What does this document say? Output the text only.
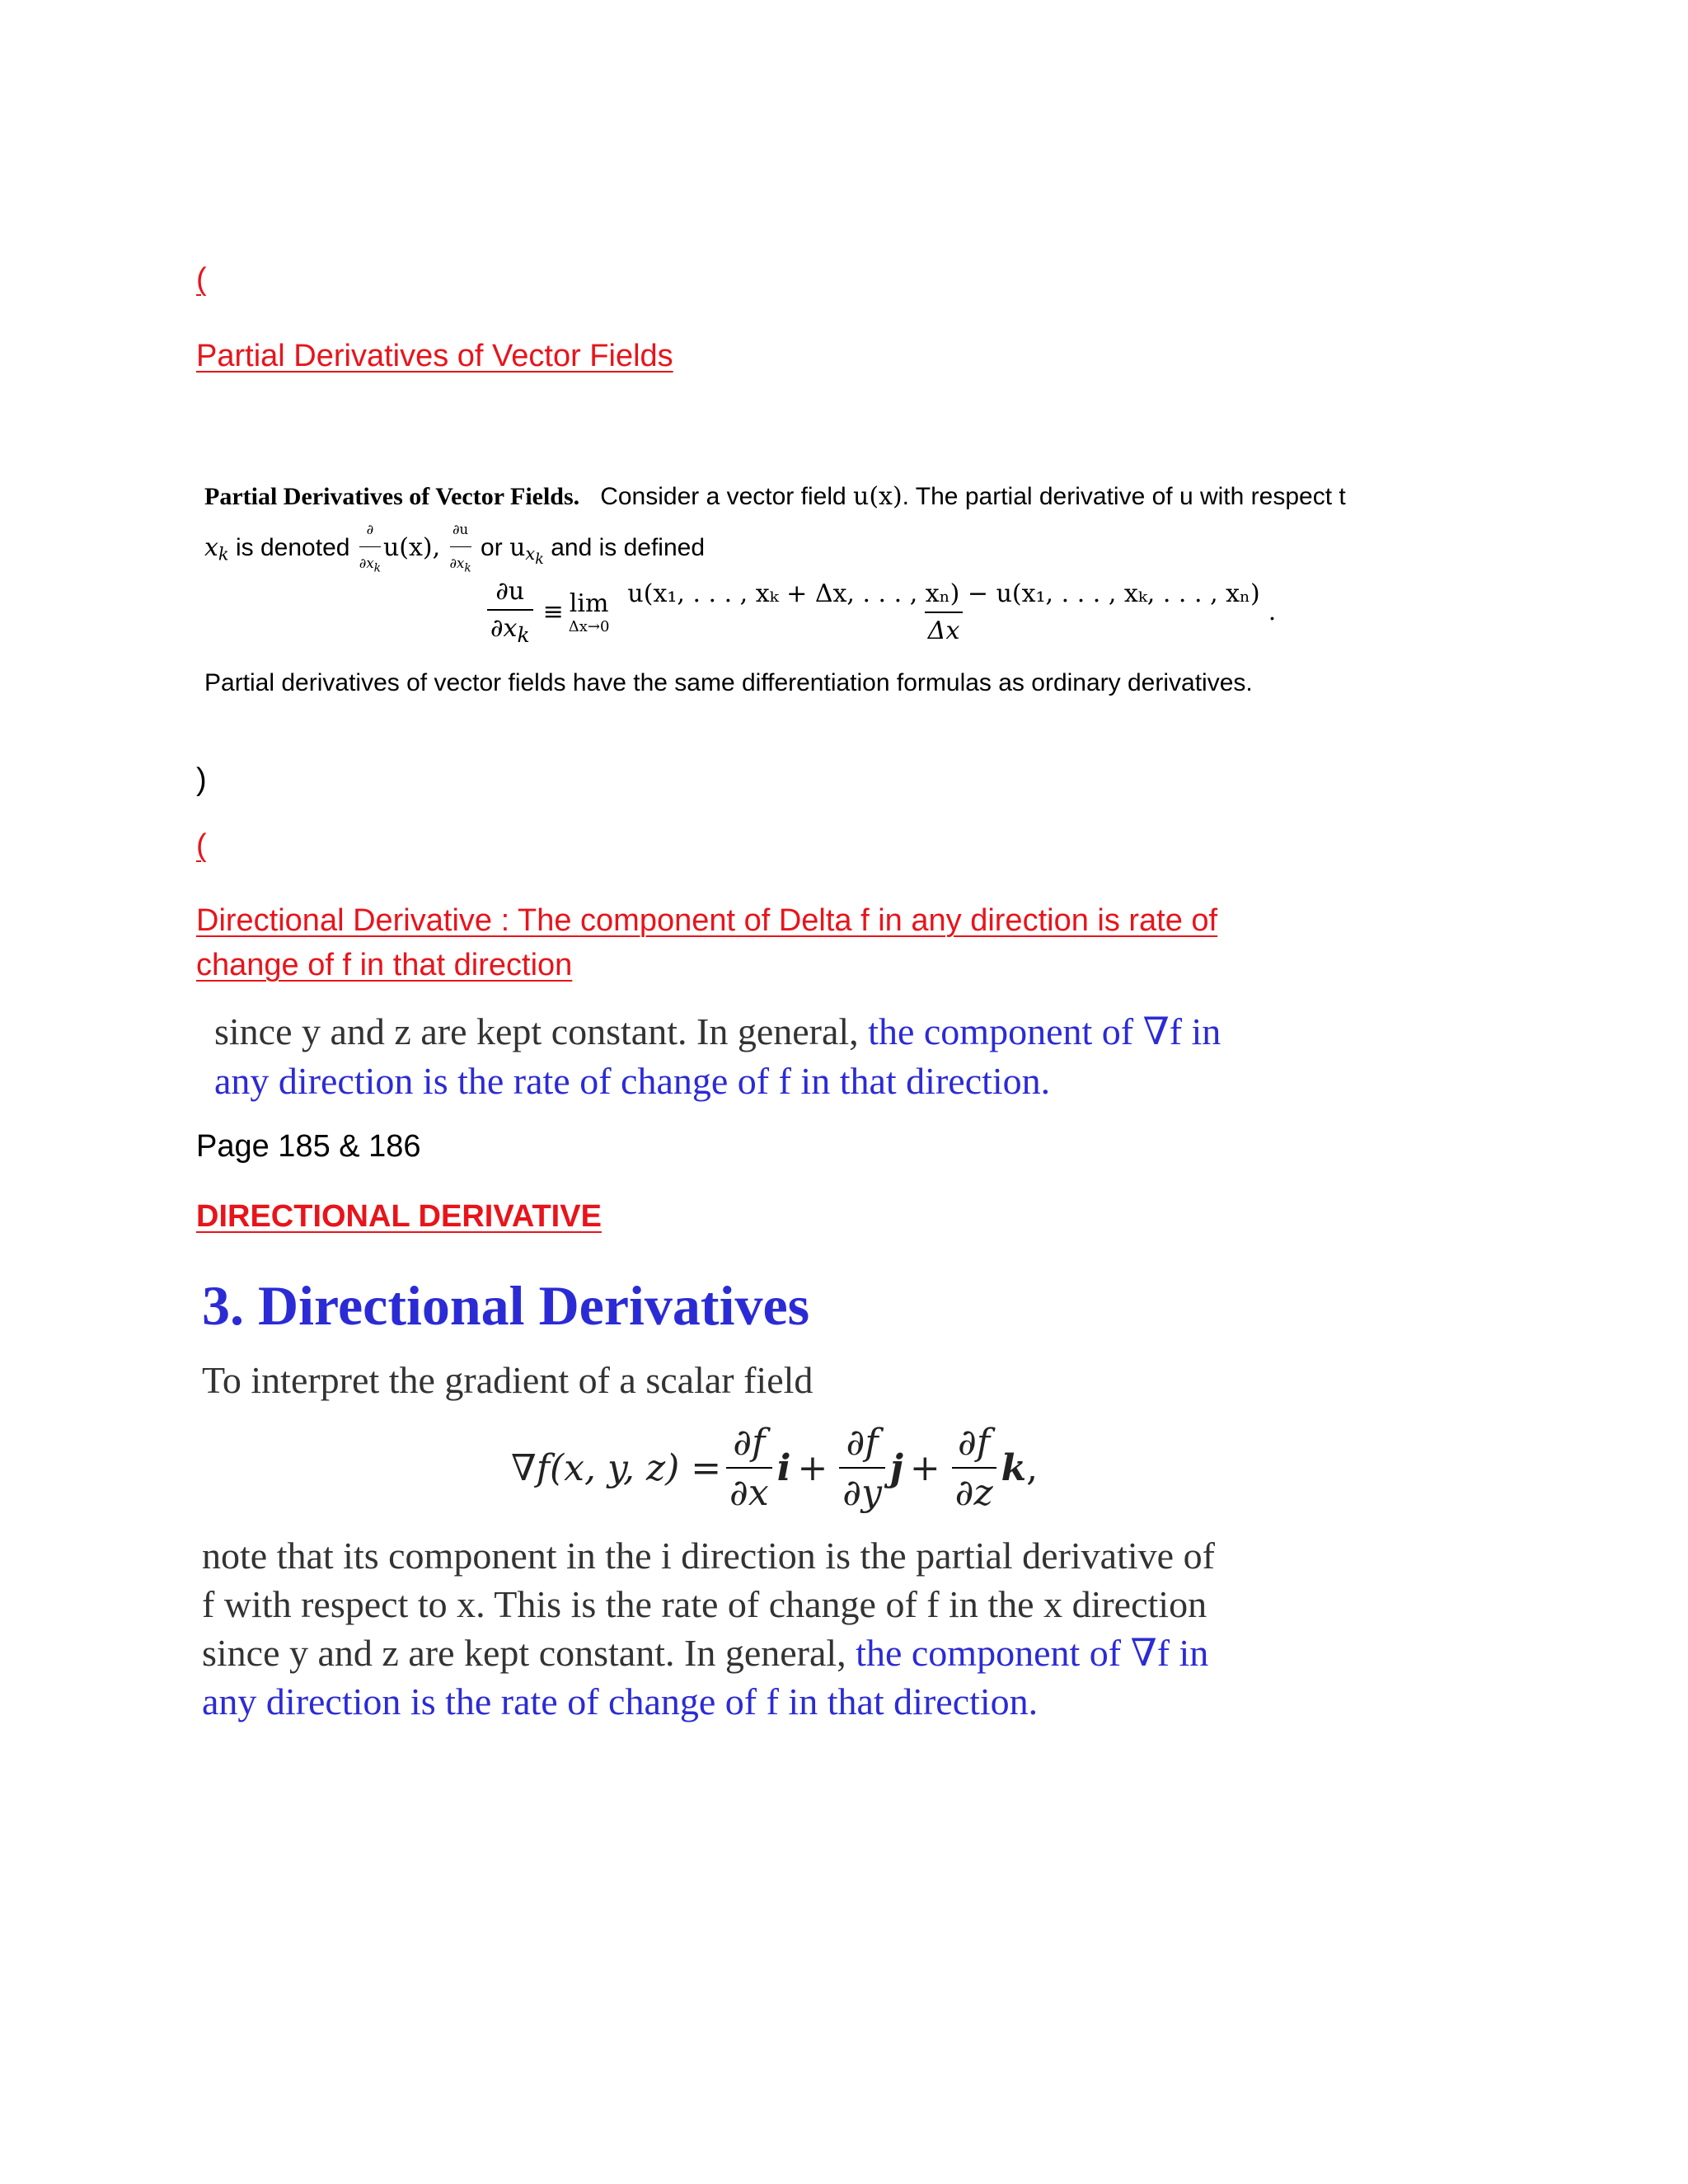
(
Partial Derivatives of Vector Fields
Partial Derivatives of Vector Fields. Consider a vector field u(x). The partial derivative of u with respect t
$x_k$ is denoted $\frac{\partial}{\partial x_k} u(x)$, $\frac{\partial u}{\partial x_k}$ or $u_{x_k}$ and is defined
$\frac{\partial u}{\partial x_k} \equiv \lim$
Δx→0
u(x₁, . . . , xₖ + Δx, . . . , xₙ) − u(x₁, . . . , xₖ, . . . , xₙ)
Δx
.
Partial derivatives of vector fields have the same differentiation formulas as ordinary derivatives.
)
(
Directional Derivative : The component of Delta f in any direction is rate of
change of f in that direction
since y and z are kept constant. In general, the component of ∇f in
any direction is the rate of change of f in that direction.
Page 185 & 186
DIRECTIONAL DERIVATIVE
3. Directional Derivatives
To interpret the gradient of a scalar field
∇f(x, y, $z) = \frac{\partial f}{\partial x}$ $i + \frac{\partial f}{\partial y}$ $j + \frac{\partial f}{\partial z}$ k ,
note that its component in the i direction is the partial derivative of
f with respect to x. This is the rate of change of f in the x direction
since y and z are kept constant. In general, the component of ∇f in
any direction is the rate of change of f in that direction.
